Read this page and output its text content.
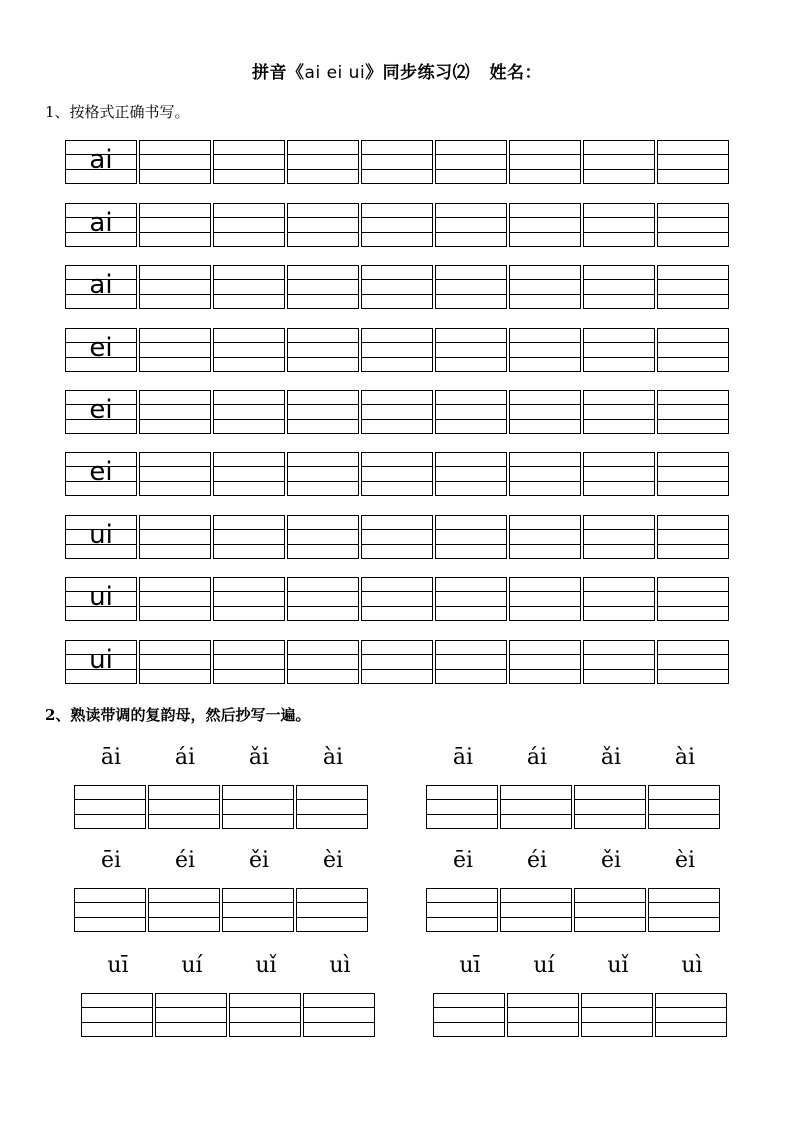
拼音《ai ei ui》同步练习⑵ 姓名：
1、按格式正确书写。
ai
ai
ai
ei
ei
ei
ui
ui
ui
2、熟读带调的复韵母，然后抄写一遍。
āi	ái	ǎi	ài	āi	ái	ǎi	ài
ēi	éi	ěi	èi	ēi	éi	ěi	èi
uī	uí	uǐ	uì	uī	uí	uǐ	uì
